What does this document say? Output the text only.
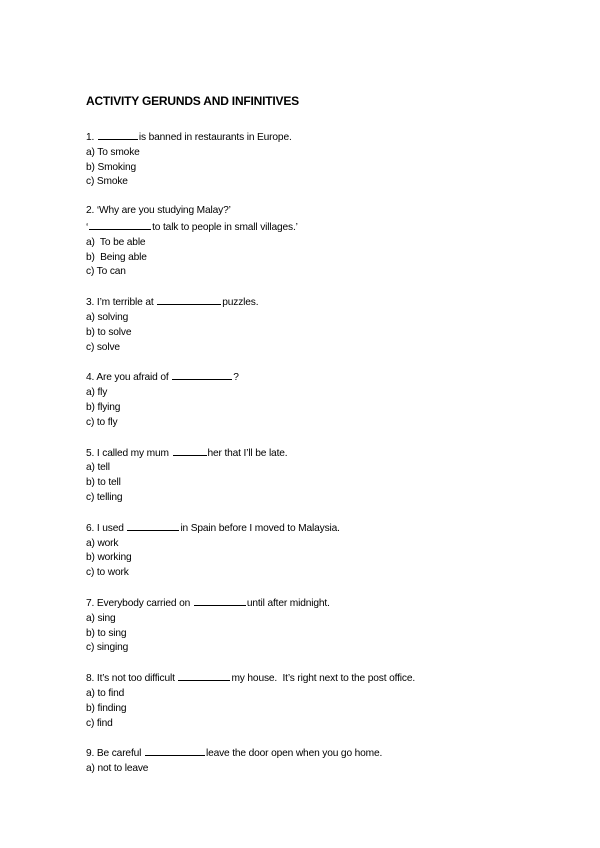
ACTIVITY GERUNDS AND INFINITIVES
1.	is banned in restaurants in Europe.
a) To smoke
b) Smoking
c) Smoke
2. ‘Why are you studying Malay?’
‘	to talk to people in small villages.’
a)  To be able
b)  Being able
c) To can
3. I’m terrible at	puzzles.
a) solving
b) to solve
c) solve
4. Are you afraid of	?
a) fly
b) flying
c) to fly
5. I called my mum	her that I’ll be late.
a) tell
b) to tell
c) telling
6. I used	in Spain before I moved to Malaysia.
a) work
b) working
c) to work
7. Everybody carried on	until after midnight.
a) sing
b) to sing
c) singing
8. It’s not too difficult	my house.  It’s right next to the post office.
a) to find
b) finding
c) find
9. Be careful	leave the door open when you go home.
a) not to leave
